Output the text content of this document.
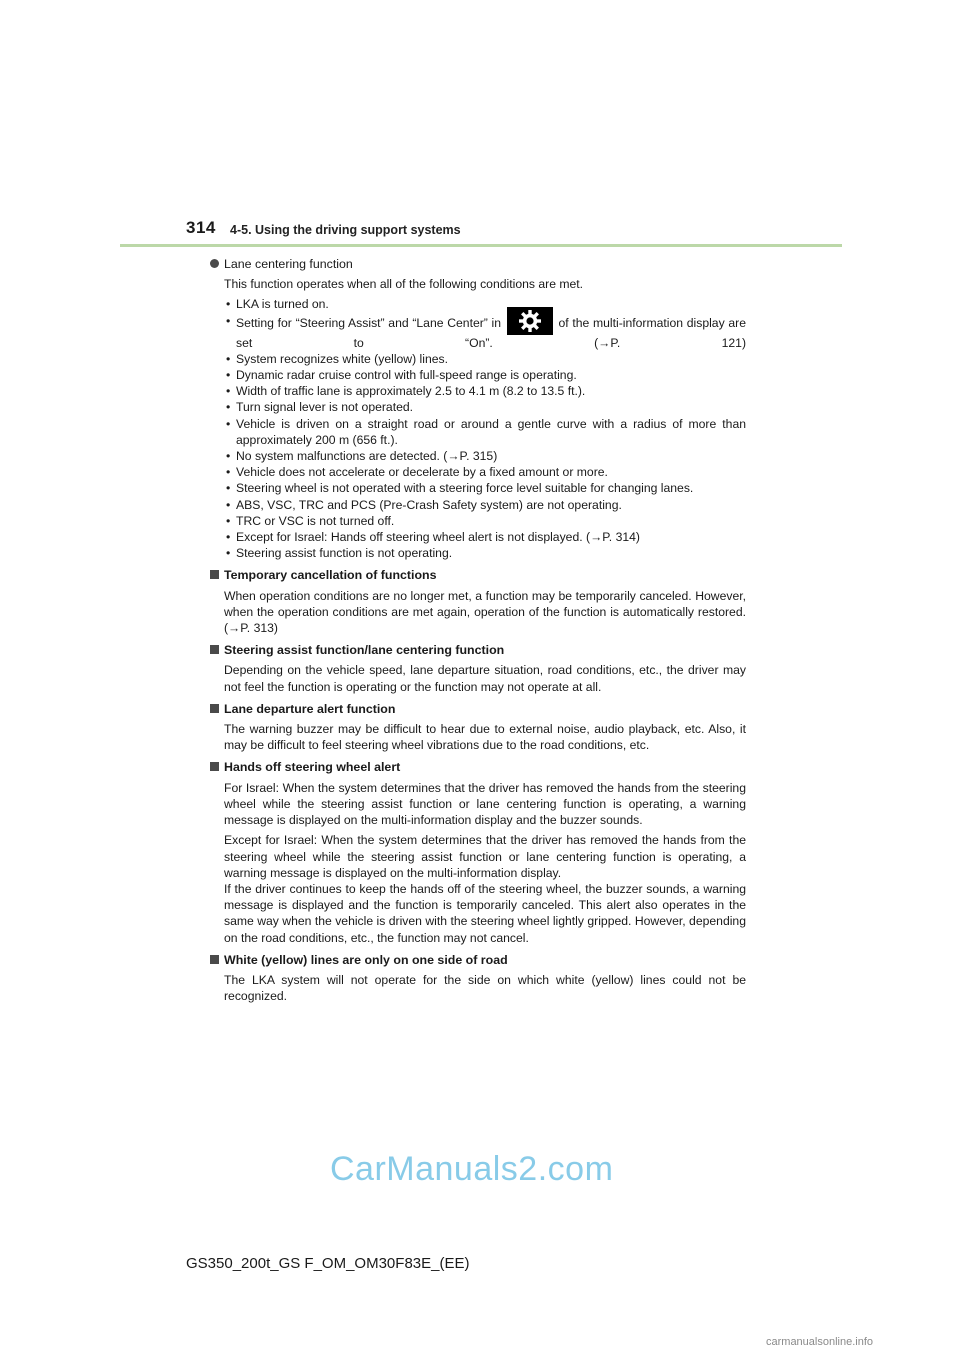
314 4-5. Using the driving support systems
Lane centering function
This function operates when all of the following conditions are met.
• LKA is turned on.
• Setting for “Steering Assist” and “Lane Center” in	of the multi-information display are set to “On”. (→P. 121)
• System recognizes white (yellow) lines.
• Dynamic radar cruise control with full-speed range is operating.
• Width of traffic lane is approximately 2.5 to 4.1 m (8.2 to 13.5 ft.).
• Turn signal lever is not operated.
• Vehicle is driven on a straight road or around a gentle curve with a radius of more than approximately 200 m (656 ft.).
• No system malfunctions are detected. (→P. 315)
• Vehicle does not accelerate or decelerate by a fixed amount or more.
• Steering wheel is not operated with a steering force level suitable for changing lanes.
• ABS, VSC, TRC and PCS (Pre-Crash Safety system) are not operating.
• TRC or VSC is not turned off.
• Except for Israel: Hands off steering wheel alert is not displayed. (→P. 314)
• Steering assist function is not operating.
Temporary cancellation of functions
When operation conditions are no longer met, a function may be temporarily canceled. However, when the operation conditions are met again, operation of the function is automatically restored. (→P. 313)
Steering assist function/lane centering function
Depending on the vehicle speed, lane departure situation, road conditions, etc., the driver may not feel the function is operating or the function may not operate at all.
Lane departure alert function
The warning buzzer may be difficult to hear due to external noise, audio playback, etc. Also, it may be difficult to feel steering wheel vibrations due to the road conditions, etc.
Hands off steering wheel alert
For Israel: When the system determines that the driver has removed the hands from the steering wheel while the steering assist function or lane centering function is operating, a warning message is displayed on the multi-information display and the buzzer sounds.
Except for Israel: When the system determines that the driver has removed the hands from the steering wheel while the steering assist function or lane centering function is operating, a warning message is displayed on the multi-information display.
If the driver continues to keep the hands off of the steering wheel, the buzzer sounds, a warning message is displayed and the function is temporarily canceled. This alert also operates in the same way when the vehicle is driven with the steering wheel lightly gripped. However, depending on the road conditions, etc., the function may not cancel.
White (yellow) lines are only on one side of road
The LKA system will not operate for the side on which white (yellow) lines could not be recognized.
CarManuals2.com
GS350_200t_GS F_OM_OM30F83E_(EE)
carmanualsonline.info
